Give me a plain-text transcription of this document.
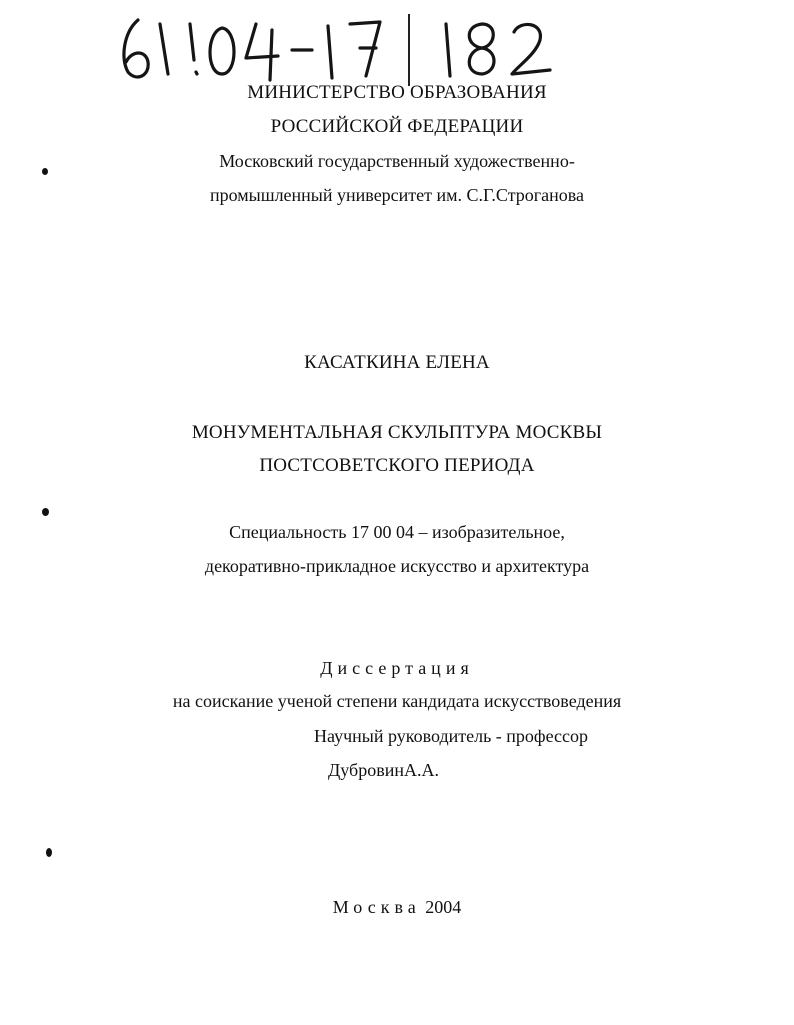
МИНИСТЕРСТВО ОБРАЗОВАНИЯ
РОССИЙСКОЙ ФЕДЕРАЦИИ
Московский государственный художественно-
промышленный университет им. С.Г.Строганова
КАСАТКИНА ЕЛЕНА
МОНУМЕНТАЛЬНАЯ СКУЛЬПТУРА МОСКВЫ
ПОСТСОВЕТСКОГО ПЕРИОДА
Специальность 17 00 04 – изобразительное,
декоративно-прикладное искусство и архитектура
Диссертация
на соискание ученой степени кандидата искусствоведения
Научный руководитель - профессор
ДубровинА.А.
Москва 2004
